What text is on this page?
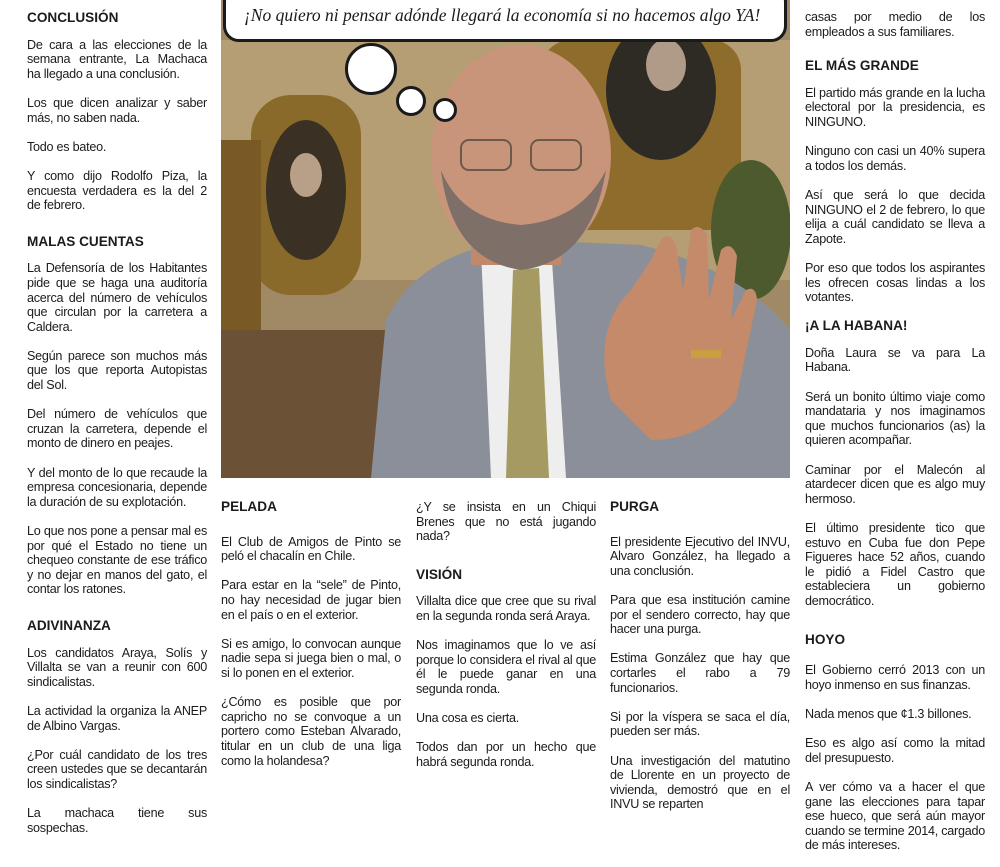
CONCLUSIÓN

De cara a las elecciones de la semana entrante, La Machaca ha llegado a una conclusión.

Los que dicen analizar y saber más, no saben nada.

Todo es bateo.

Y como dijo Rodolfo Piza, la encuesta verdadera es la del 2 de febrero.

MALAS CUENTAS

La Defensoría de los Habitantes pide que se haga una auditoría acerca del número de vehículos que circulan por la carretera a Caldera.

Según parece son muchos más que los que reporta Autopistas del Sol.

Del número de vehículos que cruzan la carretera, depende el monto de dinero en peajes.

Y del monto de lo que recaude la empresa concesionaria, depende la duración de su explotación.

Lo que nos pone a pensar mal es por qué el Estado no tiene un chequeo constante de ese tráfico y no dejar en manos del gato, el contar los ratones.

ADIVINANZA

Los candidatos Araya, Solís y Villalta se van a reunir con 600 sindicalistas.

La actividad la organiza la ANEP de Albino Vargas.

¿Por cuál candidato de los tres creen ustedes que se decantarán los sindicalistas?

La machaca tiene sus sospechas.

¡No quiero ni pensar adónde llegará la economía si no hacemos algo YA!
PELADA

El Club de Amigos de Pinto se peló el chacalín en Chile.

Para estar en la “sele” de Pinto, no hay necesidad de jugar bien en el país o en el exterior.

Si es amigo, lo convocan aunque nadie sepa si juega bien o mal, o si lo ponen en el exterior.

¿Cómo es posible que por capricho no se convoque a un portero como Esteban Alvarado, titular en un club de una liga como la holandesa?

¿Y se insista en un Chiqui Brenes que no está jugando nada?

VISIÓN

Villalta dice que cree que su rival en la segunda ronda será Araya.

Nos imaginamos que lo ve así porque lo considera el rival al que él le puede ganar en una segunda ronda.

Una cosa es cierta.

Todos dan por un hecho que habrá segunda ronda.

PURGA

El presidente Ejecutivo del INVU, Alvaro González, ha llegado a una conclusión.

Para que esa institución camine por el sendero correcto, hay que hacer una purga.

Estima González que hay que cortarles el rabo a 79 funcionarios.

Si por la víspera se saca el día, pueden ser más.

Una investigación del matutino de Llorente en un proyecto de vivienda, demostró que en el INVU se reparten

casas por medio de los empleados a sus familiares.

EL MÁS GRANDE

El partido más grande en la lucha electoral por la presidencia, es NINGUNO.

Ninguno con casi un 40% supera a todos los demás.

Así que será lo que decida NINGUNO el 2 de febrero, lo que elija a cuál candidato se lleva a Zapote.

Por eso que todos los aspirantes les ofrecen cosas lindas a los votantes.

¡A LA HABANA!

Doña Laura se va para La Habana.

Será un bonito último viaje como mandataria y nos imaginamos que muchos funcionarios (as) la quieren acompañar.

Caminar por el Malecón al atardecer dicen que es algo muy hermoso.

El último presidente tico que estuvo en Cuba fue don Pepe Figueres hace 52 años, cuando le pidió a Fidel Castro que estableciera un gobierno democrático.

HOYO

El Gobierno cerró 2013 con un hoyo inmenso en sus finanzas.

Nada menos que ¢1.3 billones.

Eso es algo así como la mitad del presupuesto.

A ver cómo va a hacer el que gane las elecciones para tapar ese hueco, que será aún mayor cuando se termine 2014, cargado de más intereses.
